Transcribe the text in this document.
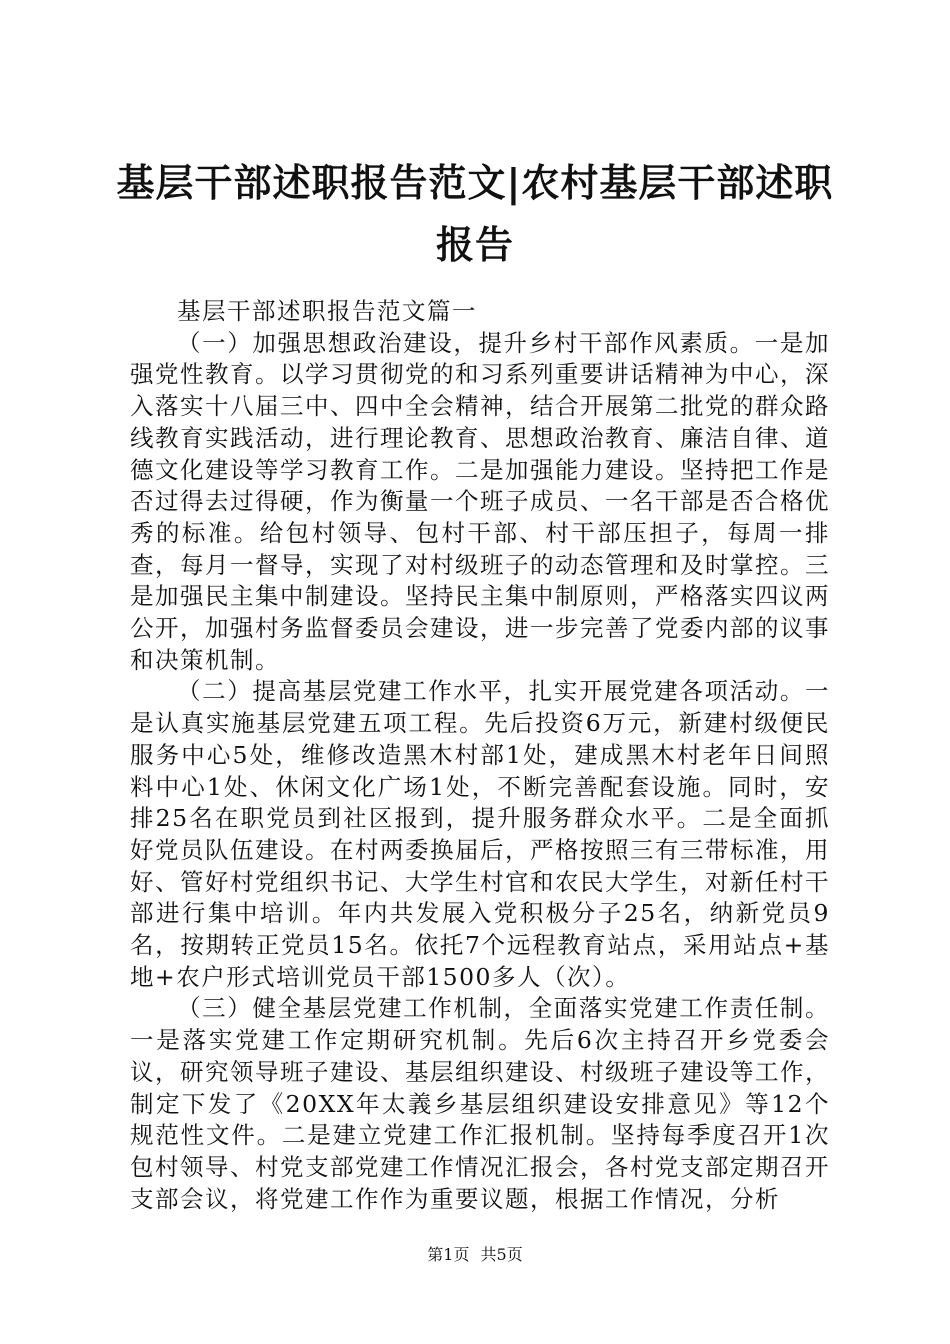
基层干部述职报告范文|农村基层干部述职报告
基层干部述职报告范文篇一

（一）加强思想政治建设，提升乡村干部作风素质。一是加强党性教育。以学习贯彻党的和习系列重要讲话精神为中心，深入落实十八届三中、四中全会精神，结合开展第二批党的群众路线教育实践活动，进行理论教育、思想政治教育、廉洁自律、道德文化建设等学习教育工作。二是加强能力建设。坚持把工作是否过得去过得硬，作为衡量一个班子成员、一名干部是否合格优秀的标准。给包村领导、包村干部、村干部压担子，每周一排查，每月一督导，实现了对村级班子的动态管理和及时掌控。三是加强民主集中制建设。坚持民主集中制原则，严格落实四议两公开，加强村务监督委员会建设，进一步完善了党委内部的议事和决策机制。

（二）提高基层党建工作水平，扎实开展党建各项活动。一是认真实施基层党建五项工程。先后投资6万元，新建村级便民服务中心5处，维修改造黑木村部1处，建成黑木村老年日间照料中心1处、休闲文化广场1处，不断完善配套设施。同时，安排25名在职党员到社区报到，提升服务群众水平。二是全面抓好党员队伍建设。在村两委换届后，严格按照三有三带标准，用好、管好村党组织书记、大学生村官和农民大学生，对新任村干部进行集中培训。年内共发展入党积极分子25名，纳新党员9名，按期转正党员15名。依托7个远程教育站点，采用站点+基地+农户形式培训党员干部1500多人（次）。

（三）健全基层党建工作机制，全面落实党建工作责任制。一是落实党建工作定期研究机制。先后6次主持召开乡党委会议，研究领导班子建设、基层组织建设、村级班子建设等工作，制定下发了《20XX年太義乡基层组织建设安排意见》等12个规范性文件。二是建立党建工作汇报机制。坚持每季度召开1次包村领导、村党支部党建工作情况汇报会，各村党支部定期召开支部会议，将党建工作作为重要议题，根据工作情况，分析

第1页 共5页
